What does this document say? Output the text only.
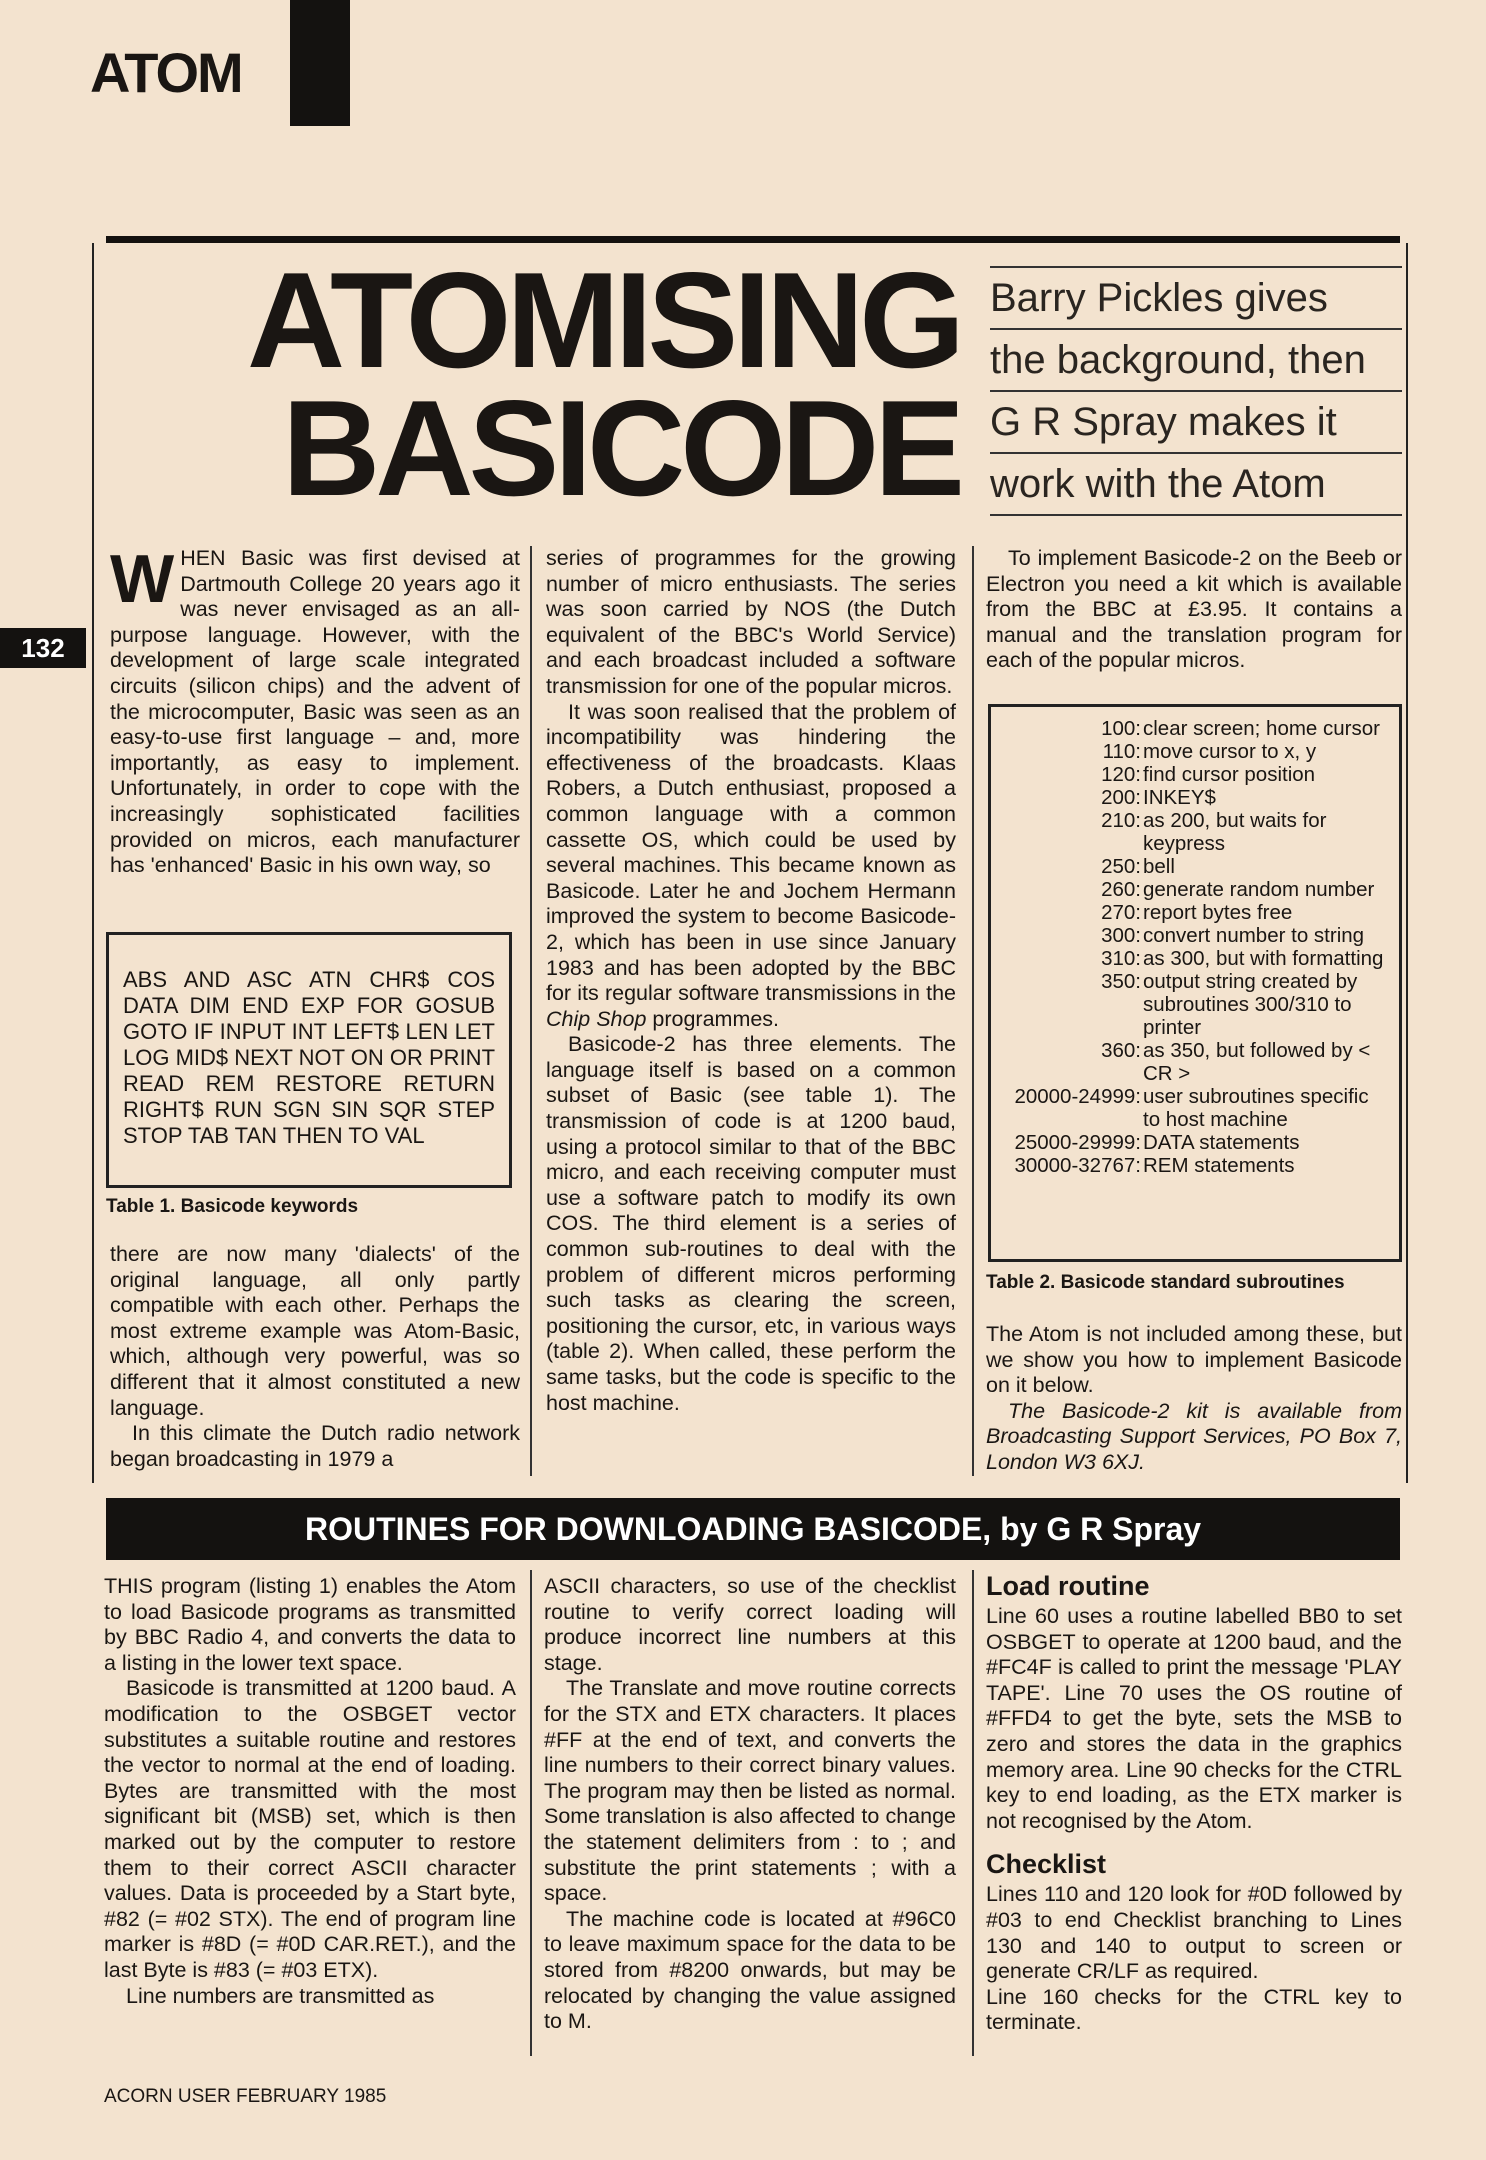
ATOM
ATOMISING
BASICODE
Barry Pickles gives
the background, then
G R Spray makes it
work with the Atom
132

WHEN Basic was first devised at Dartmouth College 20 years ago it was never envisaged as an all-purpose language. However, with the development of large scale integrated circuits (silicon chips) and the advent of the microcomputer, Basic was seen as an easy-to-use first language – and, more importantly, as easy to implement. Unfortunately, in order to cope with the increasingly sophisticated facilities provided on micros, each manufacturer has 'enhanced' Basic in his own way, so

ABS AND ASC ATN CHR$ COS DATA DIM END EXP FOR GOSUB GOTO IF INPUT INT LEFT$ LEN LET LOG MID$ NEXT NOT ON OR PRINT READ REM RESTORE RETURN RIGHT$ RUN SGN SIN SQR STEP STOP TAB TAN THEN TO VAL
Table 1. Basicode keywords

there are now many 'dialects' of the original language, all only partly compatible with each other. Perhaps the most extreme example was Atom-Basic, which, although very powerful, was so different that it almost constituted a new language.

In this climate the Dutch radio network began broadcasting in 1979 a

series of programmes for the growing number of micro enthusiasts. The series was soon carried by NOS (the Dutch equivalent of the BBC's World Service) and each broadcast included a software transmission for one of the popular micros.

It was soon realised that the problem of incompatibility was hindering the effectiveness of the broadcasts. Klaas Robers, a Dutch enthusiast, proposed a common language with a common cassette OS, which could be used by several machines. This became known as Basicode. Later he and Jochem Hermann improved the system to become Basicode-2, which has been in use since January 1983 and has been adopted by the BBC for its regular software transmissions in the Chip Shop programmes.

Basicode-2 has three elements. The language itself is based on a common subset of Basic (see table 1). The transmission of code is at 1200 baud, using a protocol similar to that of the BBC micro, and each receiving computer must use a software patch to modify its own COS. The third element is a series of common sub-routines to deal with the problem of different micros performing such tasks as clearing the screen, positioning the cursor, etc, in various ways (table 2). When called, these perform the same tasks, but the code is specific to the host machine.

To implement Basicode-2 on the Beeb or Electron you need a kit which is available from the BBC at £3.95. It contains a manual and the translation program for each of the popular micros.

100: clear screen; home cursor
110: move cursor to x, y
120: find cursor position
200: INKEY$
210: as 200, but waits for keypress
250: bell
260: generate random number
270: report bytes free
300: convert number to string
310: as 300, but with formatting
350: output string created by subroutines 300/310 to printer
360: as 350, but followed by < CR >
20000-24999: user subroutines specific to host machine
25000-29999: DATA statements
30000-32767: REM statements
Table 2. Basicode standard subroutines

The Atom is not included among these, but we show you how to implement Basicode on it below.

The Basicode-2 kit is available from Broadcasting Support Services, PO Box 7, London W3 6XJ.

ROUTINES FOR DOWNLOADING BASICODE, by G R Spray

THIS program (listing 1) enables the Atom to load Basicode programs as transmitted by BBC Radio 4, and converts the data to a listing in the lower text space.

Basicode is transmitted at 1200 baud. A modification to the OSBGET vector substitutes a suitable routine and restores the vector to normal at the end of loading. Bytes are transmitted with the most significant bit (MSB) set, which is then marked out by the computer to restore them to their correct ASCII character values. Data is proceeded by a Start byte, #82 (= #02 STX). The end of program line marker is #8D (= #0D CAR.RET.), and the last Byte is #83 (= #03 ETX).

Line numbers are transmitted as

ASCII characters, so use of the checklist routine to verify correct loading will produce incorrect line numbers at this stage.

The Translate and move routine corrects for the STX and ETX characters. It places #FF at the end of text, and converts the line numbers to their correct binary values. The program may then be listed as normal. Some translation is also affected to change the statement delimiters from : to ; and substitute the print statements ; with a space.

The machine code is located at #96C0 to leave maximum space for the data to be stored from #8200 onwards, but may be relocated by changing the value assigned to M.

Load routine

Line 60 uses a routine labelled BB0 to set OSBGET to operate at 1200 baud, and the #FC4F is called to print the message 'PLAY TAPE'. Line 70 uses the OS routine of #FFD4 to get the byte, sets the MSB to zero and stores the data in the graphics memory area. Line 90 checks for the CTRL key to end loading, as the ETX marker is not recognised by the Atom.

Checklist

Lines 110 and 120 look for #0D followed by #03 to end Checklist branching to Lines 130 and 140 to output to screen or generate CR/LF as required.

Line 160 checks for the CTRL key to terminate.

ACORN USER FEBRUARY 1985
